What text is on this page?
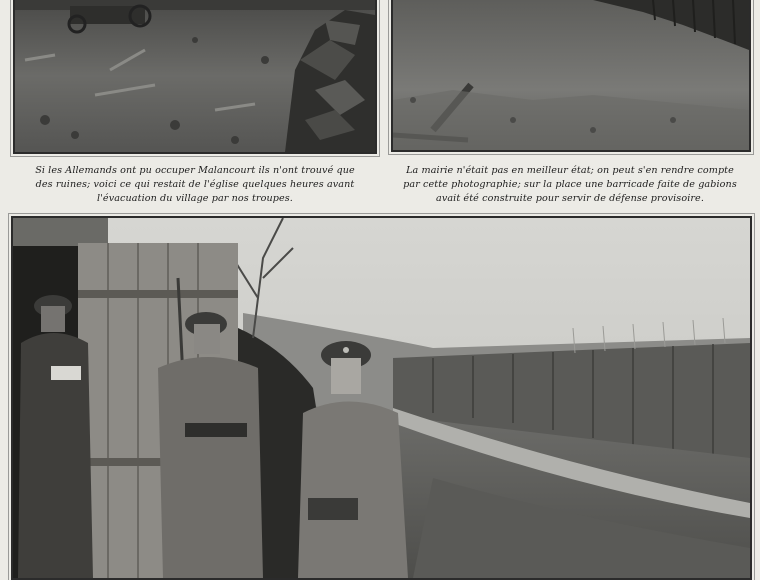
Si les Allemands ont pu occuper Malancourt ils n'ont trouvé que
des ruines; voici ce qui restait de l'église quelques heures avant
l'évacuation du village par nos troupes.
La mairie n'était pas en meilleur état; on peut s'en rendre compte
par cette photographie; sur la place une barricade faite de gabions
avait été construite pour servir de défense provisoire.
